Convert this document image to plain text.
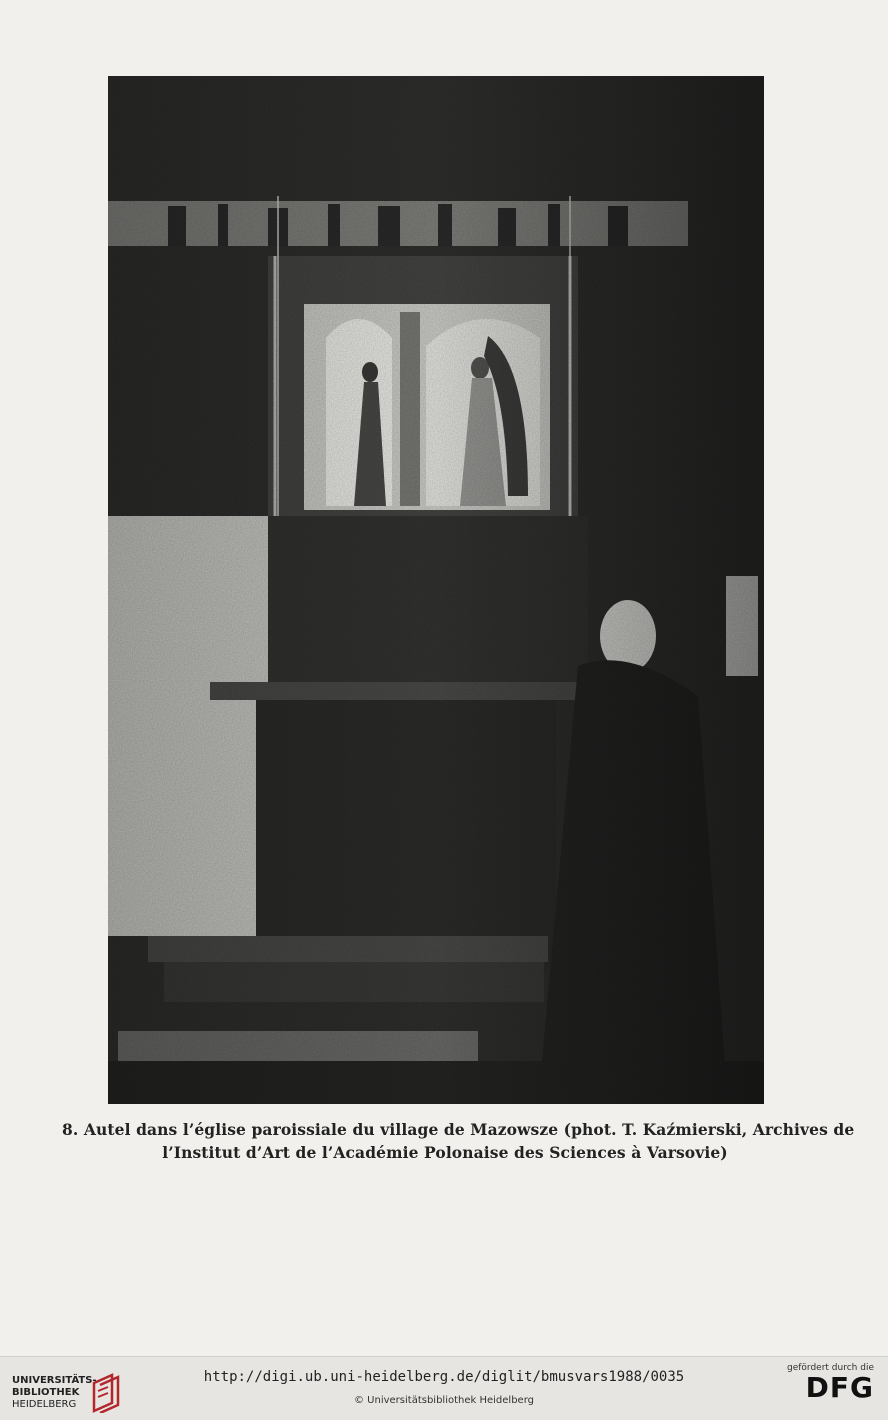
8. Autel dans l’église paroissiale du village de Mazowsze (phot. T. Kaźmierski, Archives de
l’Institut d’Art de l’Académie Polonaise des Sciences à Varsovie)
UNIVERSITÄTS-
BIBLIOTHEK
HEIDELBERG
http://digi.ub.uni-heidelberg.de/diglit/bmusvars1988/0035
© Universitätsbibliothek Heidelberg
gefördert durch die
DFG
